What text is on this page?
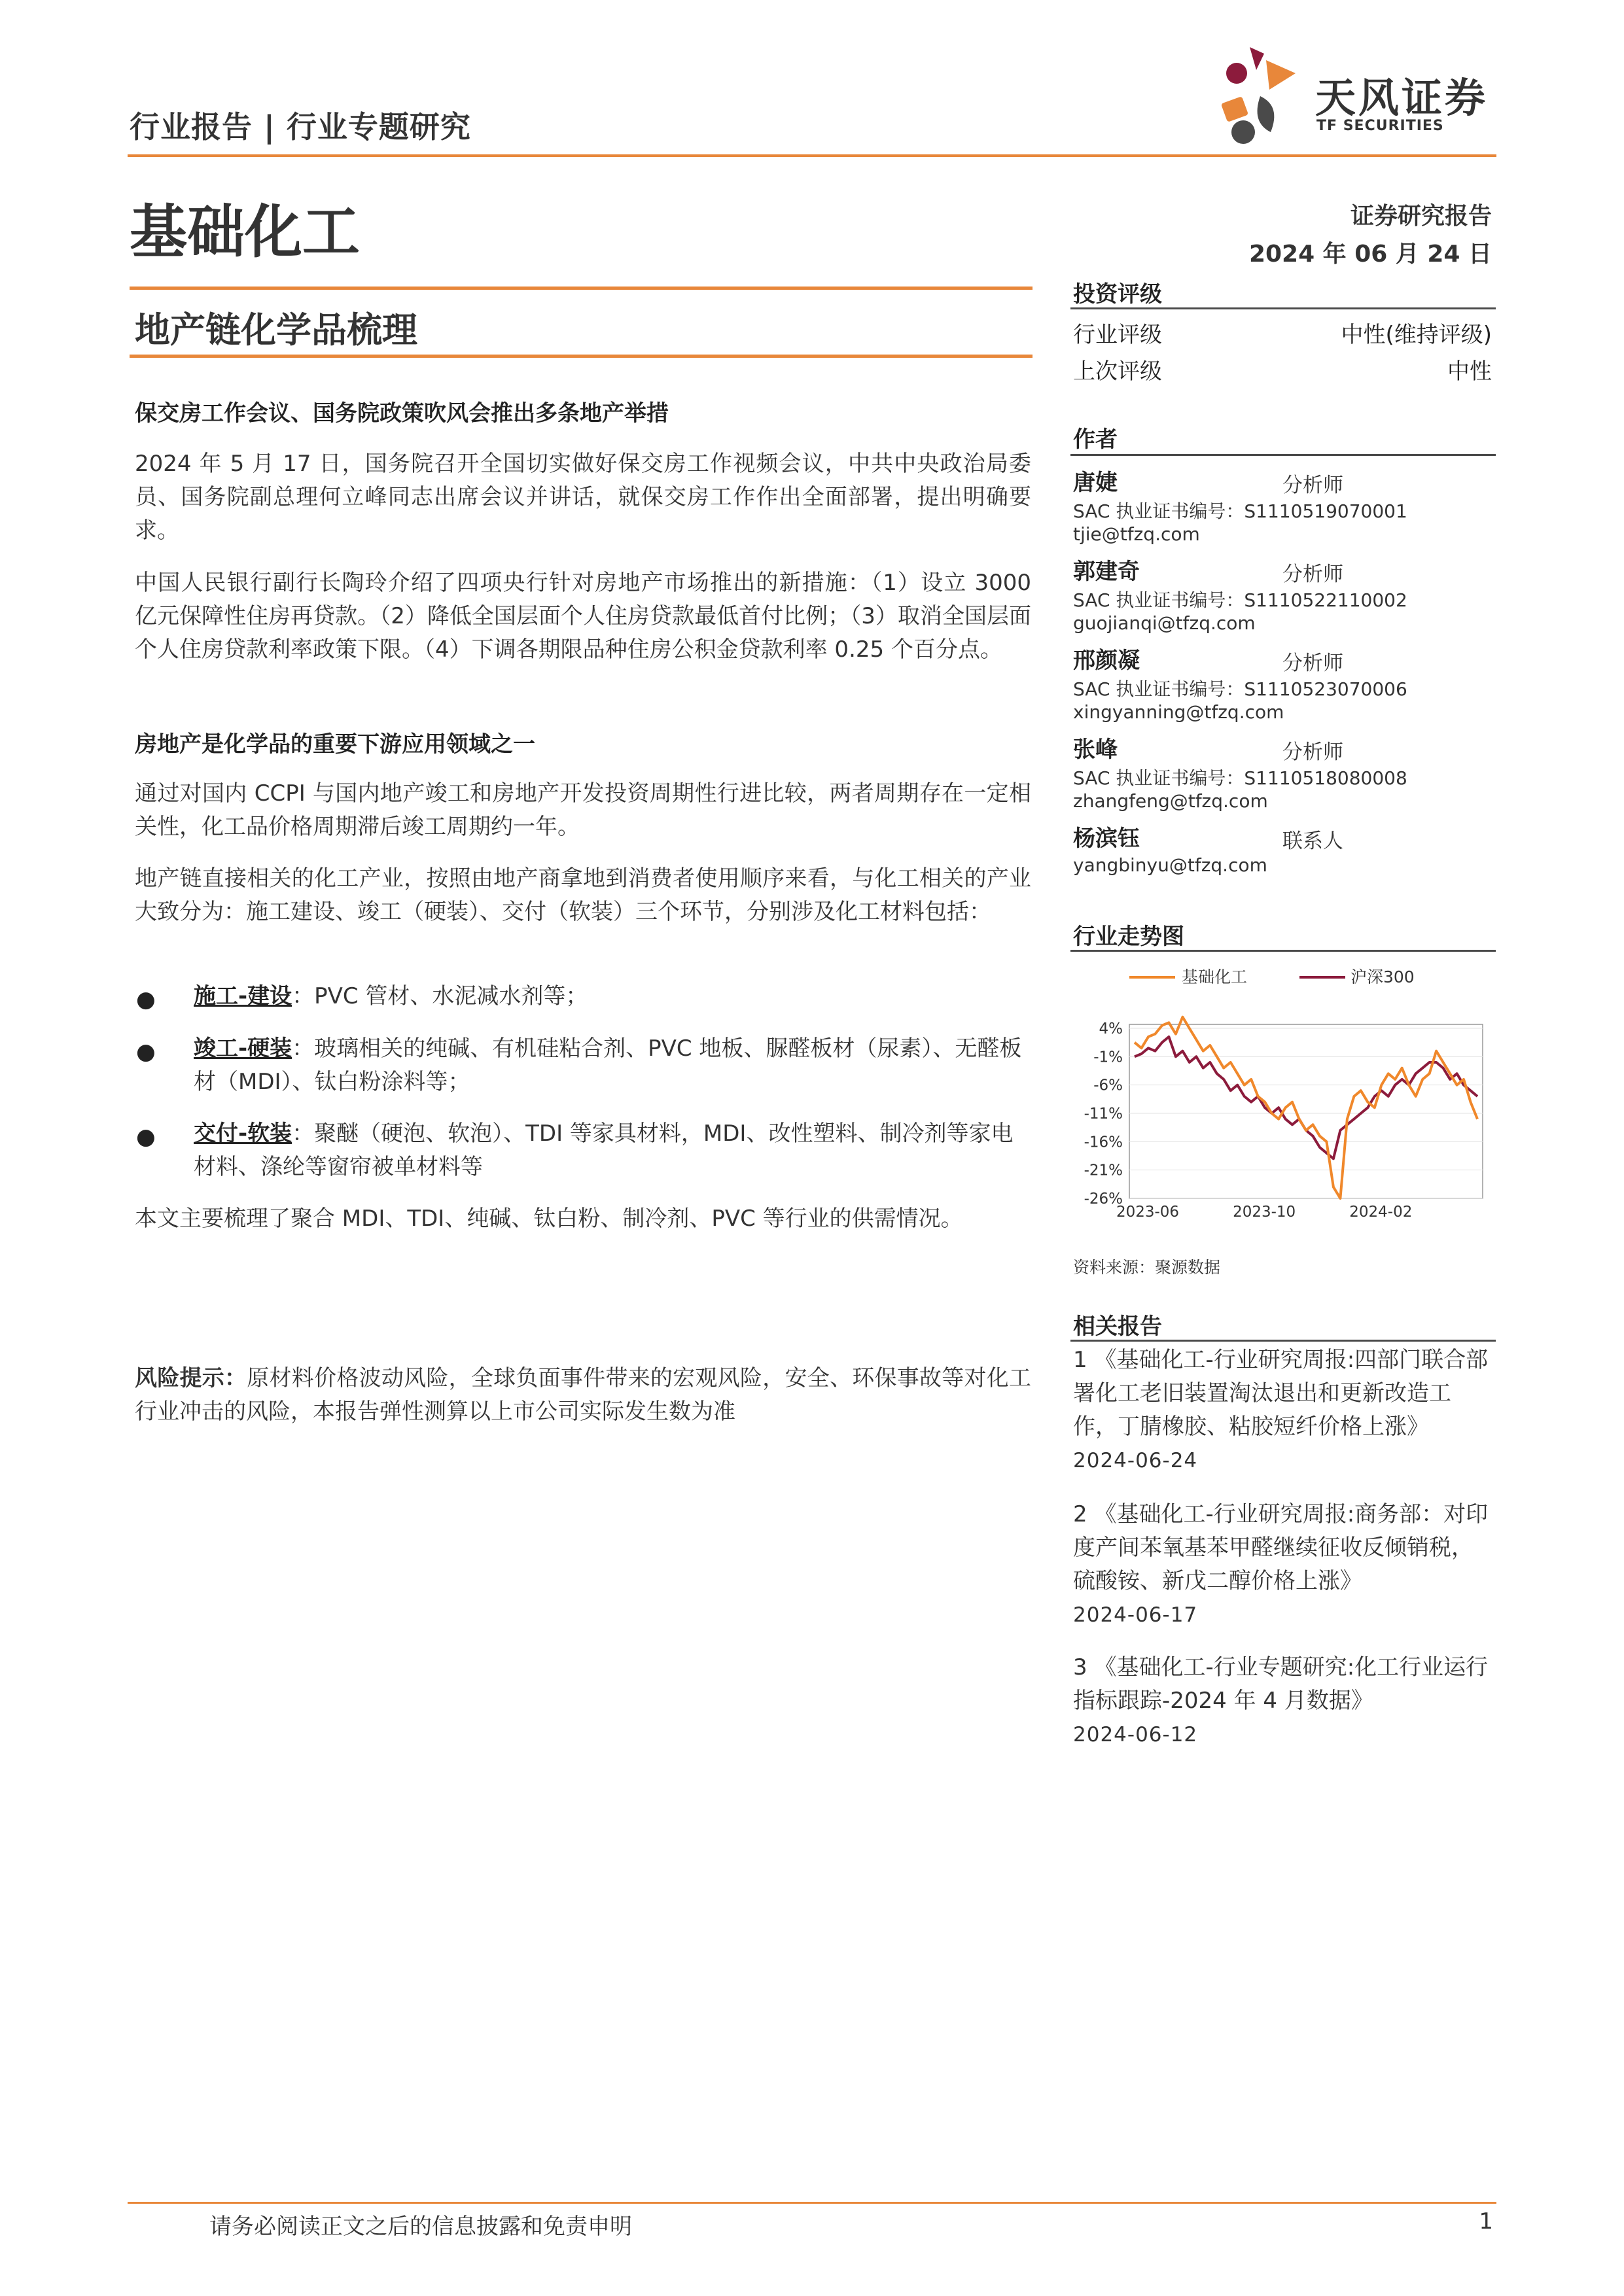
行业报告 | 行业专题研究
天风证券
TF SECURITIES
基础化工	证券研究报告
2024 年 06 月 24 日
地产链化学品梳理
保交房工作会议、国务院政策吹风会推出多条地产举措
2024 年 5 月 17 日，国务院召开全国切实做好保交房工作视频会议，中共中央政治局委员、国务院副总理何立峰同志出席会议并讲话，就保交房工作作出全面部署，提出明确要求。
中国人民银行副行长陶玲介绍了四项央行针对房地产市场推出的新措施：（1）设立 3000 亿元保障性住房再贷款。（2）降低全国层面个人住房贷款最低首付比例；（3）取消全国层面个人住房贷款利率政策下限。（4）下调各期限品种住房公积金贷款利率 0.25 个百分点。
房地产是化学品的重要下游应用领域之一
通过对国内 CCPI 与国内地产竣工和房地产开发投资周期性行进比较，两者周期存在一定相关性，化工品价格周期滞后竣工周期约一年。
地产链直接相关的化工产业，按照由地产商拿地到消费者使用顺序来看，与化工相关的产业大致分为：施工建设、竣工（硬装）、交付（软装）三个环节，分别涉及化工材料包括：
● 施工-建设：PVC 管材、水泥减水剂等；
● 竣工-硬装：玻璃相关的纯碱、有机硅粘合剂、PVC 地板、脲醛板材（尿素）、无醛板材（MDI）、钛白粉涂料等；
● 交付-软装：聚醚（硬泡、软泡）、TDI 等家具材料，MDI、改性塑料、制冷剂等家电材料、涤纶等窗帘被单材料等
本文主要梳理了聚合 MDI、TDI、纯碱、钛白粉、制冷剂、PVC 等行业的供需情况。
风险提示：原材料价格波动风险，全球负面事件带来的宏观风险，安全、环保事故等对化工行业冲击的风险，本报告弹性测算以上市公司实际发生数为准
投资评级
行业评级	中性(维持评级)
上次评级	中性
作者
唐婕	分析师
SAC 执业证书编号：S1110519070001
tjie@tfzq.com
郭建奇	分析师
SAC 执业证书编号：S1110522110002
guojianqi@tfzq.com
邢颜凝	分析师
SAC 执业证书编号：S1110523070006
xingyanning@tfzq.com
张峰	分析师
SAC 执业证书编号：S1110518080008
zhangfeng@tfzq.com
杨滨钰	联系人
yangbinyu@tfzq.com
行业走势图
基础化工	沪深300
4%
-1%
-6%
-11%
-16%
-21%
-26%
2023-06	2023-10	2024-02
资料来源：聚源数据
相关报告
1 《基础化工-行业研究周报:四部门联合部署化工老旧装置淘汰退出和更新改造工作，丁腈橡胶、粘胶短纤价格上涨》 2024-06-24
2 《基础化工-行业研究周报:商务部：对印度产间苯氧基苯甲醛继续征收反倾销税，硫酸铵、新戊二醇价格上涨》
2024-06-17
3 《基础化工-行业专题研究:化工行业运行指标跟踪-2024 年 4 月数据》
2024-06-12
请务必阅读正文之后的信息披露和免责申明	1
